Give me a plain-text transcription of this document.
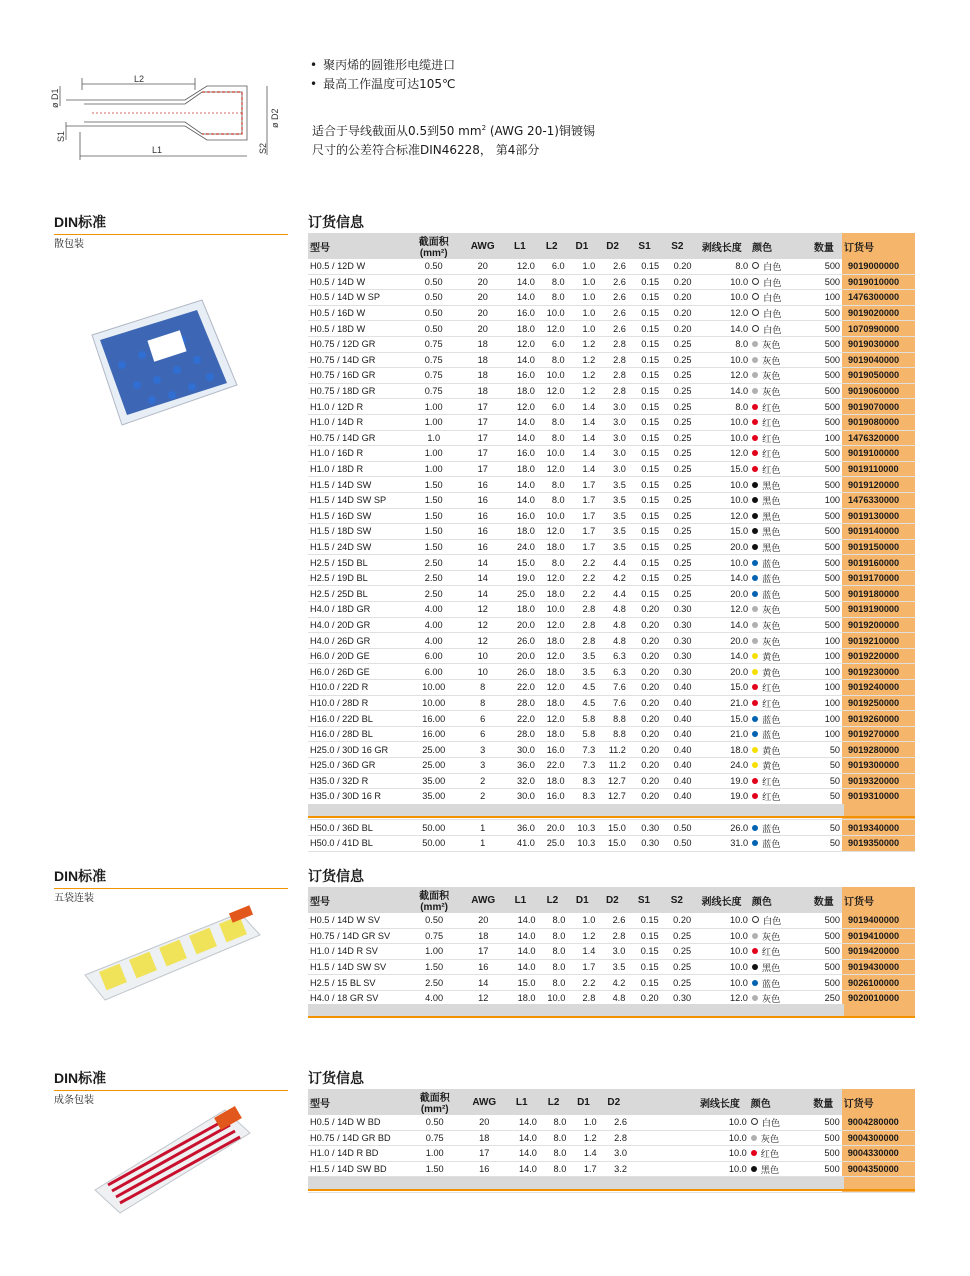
L2
ø D1
S1
L1
ø D2
S2
• 聚丙烯的圆锥形电缆进口
• 最高工作温度可达105℃
适合于导线截面从0.5到50 $mm^2$ (AWG 20-1)铜镀锡
尺寸的公差符合标准DIN46228， 第4部分
DIN标准
散包装
订货信息
型号	截面积(mm²)	AWG	L1	L2	D1	D2	S1	S2	剥线长度	颜色	数量	订货号
H0.5 / 12D W	0.50	20	12.0	6.0	1.0	2.6	0.15	0.20	8.0	白色	500	9019000000
H0.5 / 14D W	0.50	20	14.0	8.0	1.0	2.6	0.15	0.20	10.0	白色	500	9019010000
H0.5 / 14D W SP	0.50	20	14.0	8.0	1.0	2.6	0.15	0.20	10.0	白色	100	1476300000
H0.5 / 16D W	0.50	20	16.0	10.0	1.0	2.6	0.15	0.20	12.0	白色	500	9019020000
H0.5 / 18D W	0.50	20	18.0	12.0	1.0	2.6	0.15	0.20	14.0	白色	500	1070990000
H0.75 / 12D GR	0.75	18	12.0	6.0	1.2	2.8	0.15	0.25	8.0	灰色	500	9019030000
H0.75 / 14D GR	0.75	18	14.0	8.0	1.2	2.8	0.15	0.25	10.0	灰色	500	9019040000
H0.75 / 16D GR	0.75	18	16.0	10.0	1.2	2.8	0.15	0.25	12.0	灰色	500	9019050000
H0.75 / 18D GR	0.75	18	18.0	12.0	1.2	2.8	0.15	0.25	14.0	灰色	500	9019060000
H1.0 / 12D R	1.00	17	12.0	6.0	1.4	3.0	0.15	0.25	8.0	红色	500	9019070000
H1.0 / 14D R	1.00	17	14.0	8.0	1.4	3.0	0.15	0.25	10.0	红色	500	9019080000
H0.75 / 14D GR	1.0	17	14.0	8.0	1.4	3.0	0.15	0.25	10.0	红色	100	1476320000
H1.0 / 16D R	1.00	17	16.0	10.0	1.4	3.0	0.15	0.25	12.0	红色	500	9019100000
H1.0 / 18D R	1.00	17	18.0	12.0	1.4	3.0	0.15	0.25	15.0	红色	500	9019110000
H1.5 / 14D SW	1.50	16	14.0	8.0	1.7	3.5	0.15	0.25	10.0	黑色	500	9019120000
H1.5 / 14D SW SP	1.50	16	14.0	8.0	1.7	3.5	0.15	0.25	10.0	黑色	100	1476330000
H1.5 / 16D SW	1.50	16	16.0	10.0	1.7	3.5	0.15	0.25	12.0	黑色	500	9019130000
H1.5 / 18D SW	1.50	16	18.0	12.0	1.7	3.5	0.15	0.25	15.0	黑色	500	9019140000
H1.5 / 24D SW	1.50	16	24.0	18.0	1.7	3.5	0.15	0.25	20.0	黑色	500	9019150000
H2.5 / 15D BL	2.50	14	15.0	8.0	2.2	4.4	0.15	0.25	10.0	蓝色	500	9019160000
H2.5 / 19D BL	2.50	14	19.0	12.0	2.2	4.2	0.15	0.25	14.0	蓝色	500	9019170000
H2.5 / 25D BL	2.50	14	25.0	18.0	2.2	4.4	0.15	0.25	20.0	蓝色	500	9019180000
H4.0 / 18D GR	4.00	12	18.0	10.0	2.8	4.8	0.20	0.30	12.0	灰色	500	9019190000
H4.0 / 20D GR	4.00	12	20.0	12.0	2.8	4.8	0.20	0.30	14.0	灰色	500	9019200000
H4.0 / 26D GR	4.00	12	26.0	18.0	2.8	4.8	0.20	0.30	20.0	灰色	100	9019210000
H6.0 / 20D GE	6.00	10	20.0	12.0	3.5	6.3	0.20	0.30	14.0	黄色	100	9019220000
H6.0 / 26D GE	6.00	10	26.0	18.0	3.5	6.3	0.20	0.30	20.0	黄色	100	9019230000
H10.0 / 22D R	10.00	8	22.0	12.0	4.5	7.6	0.20	0.40	15.0	红色	100	9019240000
H10.0 / 28D R	10.00	8	28.0	18.0	4.5	7.6	0.20	0.40	21.0	红色	100	9019250000
H16.0 / 22D BL	16.00	6	22.0	12.0	5.8	8.8	0.20	0.40	15.0	蓝色	100	9019260000
H16.0 / 28D BL	16.00	6	28.0	18.0	5.8	8.8	0.20	0.40	21.0	蓝色	100	9019270000
H25.0 / 30D 16 GR	25.00	3	30.0	16.0	7.3	11.2	0.20	0.40	18.0	黄色	50	9019280000
H25.0 / 36D GR	25.00	3	36.0	22.0	7.3	11.2	0.20	0.40	24.0	黄色	50	9019300000
H35.0 / 32D R	35.00	2	32.0	18.0	8.3	12.7	0.20	0.40	19.0	红色	50	9019320000
H35.0 / 30D 16 R	35.00	2	30.0	16.0	8.3	12.7	0.20	0.40	19.0	红色	50	9019310000

H50.0 / 36D BL	50.00	1	36.0	20.0	10.3	15.0	0.30	0.50	26.0	蓝色	50	9019340000
H50.0 / 41D BL	50.00	1	41.0	25.0	10.3	15.0	0.30	0.50	31.0	蓝色	50	9019350000
DIN标准
五袋连装
订货信息
型号	截面积(mm²)	AWG	L1	L2	D1	D2	S1	S2	剥线长度	颜色	数量	订货号
H0.5 / 14D W SV	0.50	20	14.0	8.0	1.0	2.6	0.15	0.20	10.0	白色	500	9019400000
H0.75 / 14D GR SV	0.75	18	14.0	8.0	1.2	2.8	0.15	0.25	10.0	灰色	500	9019410000
H1.0 / 14D R SV	1.00	17	14.0	8.0	1.4	3.0	0.15	0.25	10.0	红色	500	9019420000
H1.5 / 14D SW SV	1.50	16	14.0	8.0	1.7	3.5	0.15	0.25	10.0	黑色	500	9019430000
H2.5 / 15 BL SV	2.50	14	15.0	8.0	2.2	4.2	0.15	0.25	10.0	蓝色	500	9026100000
H4.0 / 18 GR SV	4.00	12	18.0	10.0	2.8	4.8	0.20	0.30	12.0	灰色	250	9020010000
DIN标准
成条包装
订货信息
型号	截面积(mm²)	AWG	L1	L2	D1	D2			剥线长度	颜色	数量	订货号
H0.5 / 14D W BD	0.50	20	14.0	8.0	1.0	2.6			10.0	白色	500	9004280000
H0.75 / 14D GR BD	0.75	18	14.0	8.0	1.2	2.8			10.0	灰色	500	9004300000
H1.0 / 14D R BD	1.00	17	14.0	8.0	1.4	3.0			10.0	红色	500	9004330000
H1.5 / 14D SW BD	1.50	16	14.0	8.0	1.7	3.2			10.0	黑色	500	9004350000
